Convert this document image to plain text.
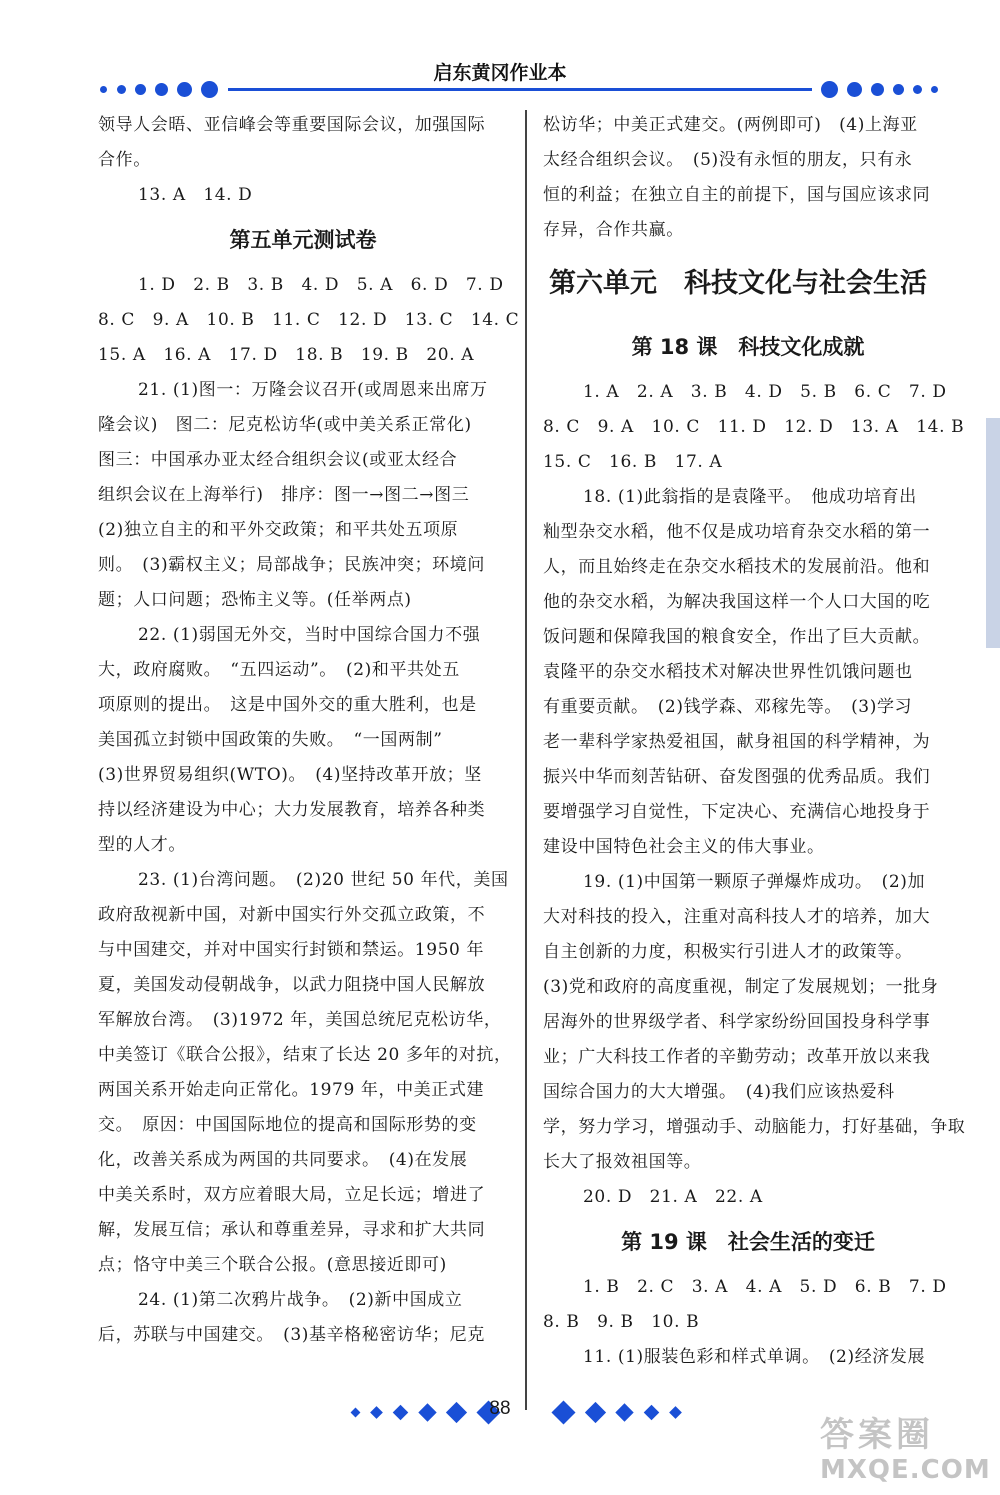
启东黄冈作业本
领导人会晤、亚信峰会等重要国际会议，加强国际
合作。
13. A　14. D
第五单元测试卷
1. D　2. B　3. B　4. D　5. A　6. D　7. D
8. C　9. A　10. B　11. C　12. D　13. C　14. C
15. A　16. A　17. D　18. B　19. B　20. A
21. (1)图一：万隆会议召开(或周恩来出席万
隆会议)　图二：尼克松访华(或中美关系正常化)
图三：中国承办亚太经合组织会议(或亚太经合
组织会议在上海举行)　排序：图一→图二→图三
(2)独立自主的和平外交政策；和平共处五项原
则。　(3)霸权主义；局部战争；民族冲突；环境问
题；人口问题；恐怖主义等。(任举两点)
22. (1)弱国无外交，当时中国综合国力不强
大，政府腐败。　“五四运动”。　(2)和平共处五
项原则的提出。　这是中国外交的重大胜利，也是
美国孤立封锁中国政策的失败。　“一国两制”
(3)世界贸易组织(WTO)。　(4)坚持改革开放；坚
持以经济建设为中心；大力发展教育，培养各种类
型的人才。
23. (1)台湾问题。　(2)20 世纪 50 年代，美国
政府敌视新中国，对新中国实行外交孤立政策，不
与中国建交，并对中国实行封锁和禁运。1950 年
夏，美国发动侵朝战争，以武力阻挠中国人民解放
军解放台湾。　(3)1972 年，美国总统尼克松访华，
中美签订《联合公报》，结束了长达 20 多年的对抗，
两国关系开始走向正常化。1979 年，中美正式建
交。　原因：中国国际地位的提高和国际形势的变
化，改善关系成为两国的共同要求。　(4)在发展
中美关系时，双方应着眼大局，立足长远；增进了
解，发展互信；承认和尊重差异，寻求和扩大共同
点；恪守中美三个联合公报。(意思接近即可)
24. (1)第二次鸦片战争。　(2)新中国成立
后，苏联与中国建交。　(3)基辛格秘密访华；尼克
松访华；中美正式建交。(两例即可)　(4)上海亚
太经合组织会议。　(5)没有永恒的朋友，只有永
恒的利益；在独立自主的前提下，国与国应该求同
存异，合作共赢。
第六单元　科技文化与社会生活
第 18 课　科技文化成就
1. A　2. A　3. B　4. D　5. B　6. C　7. D
8. C　9. A　10. C　11. D　12. D　13. A　14. B
15. C　16. B　17. A
18. (1)此翁指的是袁隆平。　他成功培育出
籼型杂交水稻，他不仅是成功培育杂交水稻的第一
人，而且始终走在杂交水稻技术的发展前沿。他和
他的杂交水稻，为解决我国这样一个人口大国的吃
饭问题和保障我国的粮食安全，作出了巨大贡献。
袁隆平的杂交水稻技术对解决世界性饥饿问题也
有重要贡献。　(2)钱学森、邓稼先等。　(3)学习
老一辈科学家热爱祖国，献身祖国的科学精神，为
振兴中华而刻苦钻研、奋发图强的优秀品质。我们
要增强学习自觉性，下定决心、充满信心地投身于
建设中国特色社会主义的伟大事业。
19. (1)中国第一颗原子弹爆炸成功。　(2)加
大对科技的投入，注重对高科技人才的培养，加大
自主创新的力度，积极实行引进人才的政策等。
(3)党和政府的高度重视，制定了发展规划；一批身
居海外的世界级学者、科学家纷纷回国投身科学事
业；广大科技工作者的辛勤劳动；改革开放以来我
国综合国力的大大增强。　(4)我们应该热爱科
学，努力学习，增强动手、动脑能力，打好基础，争取
长大了报效祖国等。
20. D　21. A　22. A
第 19 课　社会生活的变迁
1. B　2. C　3. A　4. A　5. D　6. B　7. D
8. B　9. B　10. B
11. (1)服装色彩和样式单调。　(2)经济发展
88
答案圈
MXQE.COM
